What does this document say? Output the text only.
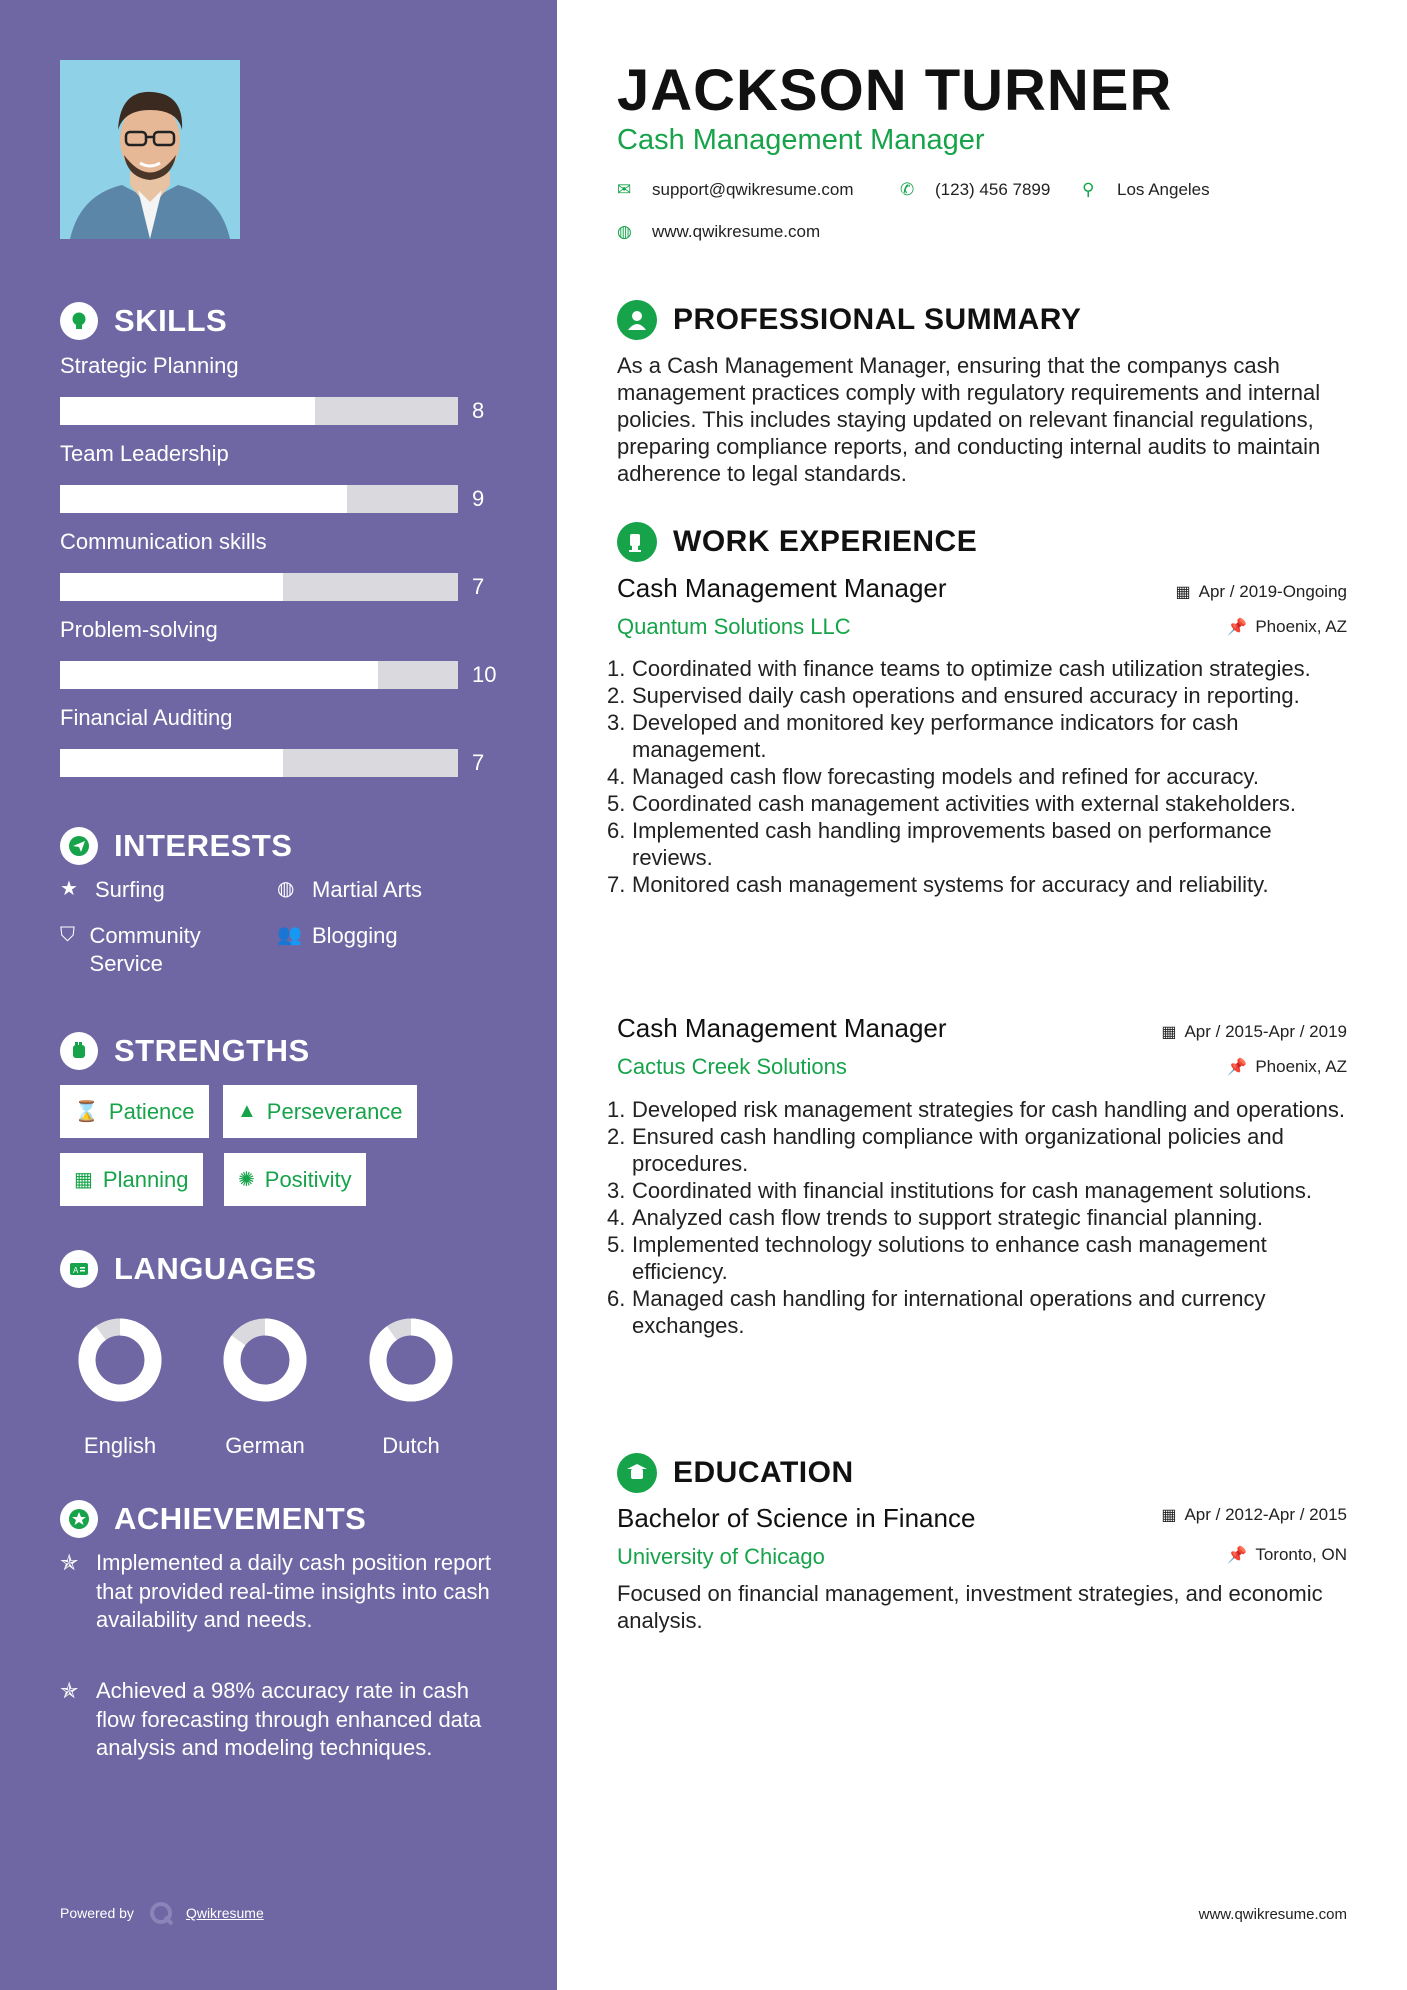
SKILLS
Strategic Planning
8
Team Leadership
9
Communication skills
7
Problem-solving
10
Financial Auditing
7
INTERESTS
★ Surfing	◍ Martial Arts
⛉ Community Service
👥 Blogging
STRENGTHS
⌛ Patience ▲ Perseverance
▦ Planning ✺ Positivity
A LANGUAGES
English	German	Dutch
ACHIEVEMENTS
✯ Implemented a daily cash position report that provided real-time insights into cash availability and needs.
✯ Achieved a 98% accuracy rate in cash flow forecasting through enhanced data analysis and modeling techniques.
Powered by	Qwikresume
JACKSON TURNER
Cash Management Manager
✉ support@qwikresume.com	✆ (123) 456 7899 ⚲	Los Angeles
◍ www.qwikresume.com
PROFESSIONAL SUMMARY
As a Cash Management Manager, ensuring that the companys cash management practices comply with regulatory requirements and internal policies. This includes staying updated on relevant financial regulations, preparing compliance reports, and conducting internal audits to maintain adherence to legal standards.
WORK EXPERIENCE
Cash Management Manager
Quantum Solutions LLC
▦ Apr / 2019-Ongoing
📌 Phoenix, AZ
1. Coordinated with finance teams to optimize cash utilization strategies.
2. Supervised daily cash operations and ensured accuracy in reporting.
3. Developed and monitored key performance indicators for cash management.
4. Managed cash flow forecasting models and refined for accuracy.
5. Coordinated cash management activities with external stakeholders.
6. Implemented cash handling improvements based on performance reviews.
7. Monitored cash management systems for accuracy and reliability.
Cash Management Manager
Cactus Creek Solutions
▦ Apr / 2015-Apr / 2019
📌 Phoenix, AZ
1. Developed risk management strategies for cash handling and operations.
2. Ensured cash handling compliance with organizational policies and procedures.
3. Coordinated with financial institutions for cash management solutions.
4. Analyzed cash flow trends to support strategic financial planning.
5. Implemented technology solutions to enhance cash management efficiency.
6. Managed cash handling for international operations and currency exchanges.
EDUCATION
Bachelor of Science in Finance
University of Chicago
▦ Apr / 2012-Apr / 2015
📌 Toronto, ON
Focused on financial management, investment strategies, and economic analysis.
www.qwikresume.com
